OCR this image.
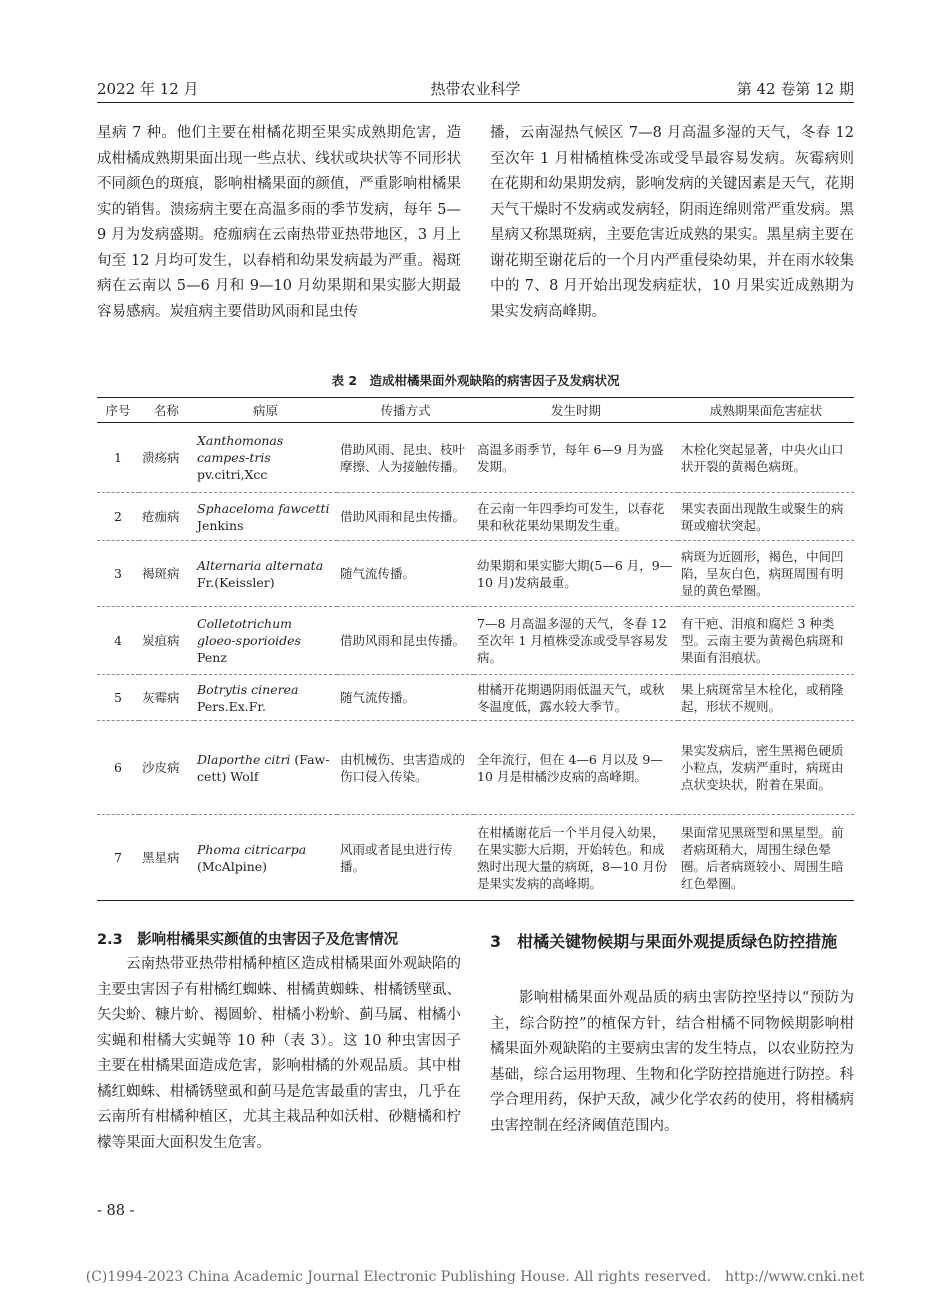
2022 年 12 月	热带农业科学	第 42 卷第 12 期

星病 7 种。他们主要在柑橘花期至果实成熟期危害，造成柑橘成熟期果面出现一些点状、线状或块状等不同形状不同颜色的斑痕，影响柑橘果面的颜值，严重影响柑橘果实的销售。溃疡病主要在高温多雨的季节发病，每年 5—9 月为发病盛期。疮痂病在云南热带亚热带地区，3 月上旬至 12 月均可发生，以春梢和幼果发病最为严重。褐斑病在云南以 5—6 月和 9—10 月幼果期和果实膨大期最容易感病。炭疽病主要借助风雨和昆虫传

播，云南湿热气候区 7—8 月高温多湿的天气，冬春 12 至次年 1 月柑橘植株受冻或受旱最容易发病。灰霉病则在花期和幼果期发病，影响发病的关键因素是天气，花期天气干燥时不发病或发病轻，阴雨连绵则常严重发病。黑星病又称黑斑病，主要危害近成熟的果实。黑星病主要在谢花期至谢花后的一个月内严重侵染幼果，并在雨水较集中的 7、8 月开始出现发病症状，10 月果实近成熟期为果实发病高峰期。

表 2　造成柑橘果面外观缺陷的病害因子及发病状况
序号	名称	病原	传播方式	发生时期	成熟期果面危害症状
1	溃疡病	Xanthomonas campes-tris pv.citri,Xcc	借助风雨、昆虫、枝叶摩擦、人为接触传播。	高温多雨季节，每年 6—9 月为盛发期。	木栓化突起显著，中央火山口状开裂的黄褐色病斑。
2	疮痂病	Sphaceloma fawcetti Jenkins	借助风雨和昆虫传播。	在云南一年四季均可发生，以春花果和秋花果幼果期发生重。	果实表面出现散生或聚生的病斑或瘤状突起。
3	褐斑病	Alternaria alternata Fr.(Keissler)	随气流传播。	幼果期和果实膨大期(5—6 月，9—10 月)发病最重。	病斑为近圆形，褐色，中间凹陷，呈灰白色，病斑周围有明显的黄色晕圈。
4	炭疽病	Colletotrichum gloeo-sporioides Penz	借助风雨和昆虫传播。	7—8 月高温多湿的天气，冬春 12 至次年 1 月植株受冻或受旱容易发病。	有干疤、泪痕和腐烂 3 种类型。云南主要为黄褐色病斑和果面有泪痕状。
5	灰霉病	Botrytis cinerea Pers.Ex.Fr.	随气流传播。	柑橘开花期遇阴雨低温天气，或秋冬温度低，露水较大季节。	果上病斑常呈木栓化，或稍隆起，形状不规则。
6	沙皮病	Dlaporthe citri (Faw-cett) Wolf	由机械伤、虫害造成的伤口侵入传染。	全年流行，但在 4—6 月以及 9—10 月是柑橘沙皮病的高峰期。	果实发病后，密生黑褐色硬质小粒点，发病严重时，病斑由点状变块状，附着在果面。
7	黑星病	Phoma citricarpa (McAlpine)	风雨或者昆虫进行传播。	在柑橘谢花后一个半月侵入幼果，在果实膨大后期，开始转色。和成熟时出现大量的病斑，8—10 月份是果实发病的高峰期。	果面常见黑斑型和黑星型。前者病斑稍大，周围生绿色晕圈。后者病斑较小、周围生暗红色晕圈。
2.3　影响柑橘果实颜值的虫害因子及危害情况

云南热带亚热带柑橘种植区造成柑橘果面外观缺陷的主要虫害因子有柑橘红蜘蛛、柑橘黄蜘蛛、柑橘锈壁虱、矢尖蚧、糠片蚧、褐圆蚧、柑橘小粉蚧、蓟马属、柑橘小实蝇和柑橘大实蝇等 10 种（表 3）。这 10 种虫害因子主要在柑橘果面造成危害，影响柑橘的外观品质。其中柑橘红蜘蛛、柑橘锈壁虱和蓟马是危害最重的害虫，几乎在云南所有柑橘种植区，尤其主栽品种如沃柑、砂糖橘和柠檬等果面大面积发生危害。

3　柑橘关键物候期与果面外观提质绿色防控措施

影响柑橘果面外观品质的病虫害防控坚持以“预防为主，综合防控”的植保方针，结合柑橘不同物候期影响柑橘果面外观缺陷的主要病虫害的发生特点，以农业防控为基础，综合运用物理、生物和化学防控措施进行防控。科学合理用药，保护天敌，减少化学农药的使用，将柑橘病虫害控制在经济阈值范围内。

- 88 -
(C)1994-2023 China Academic Journal Electronic Publishing House. All rights reserved.　http://www.cnki.net
